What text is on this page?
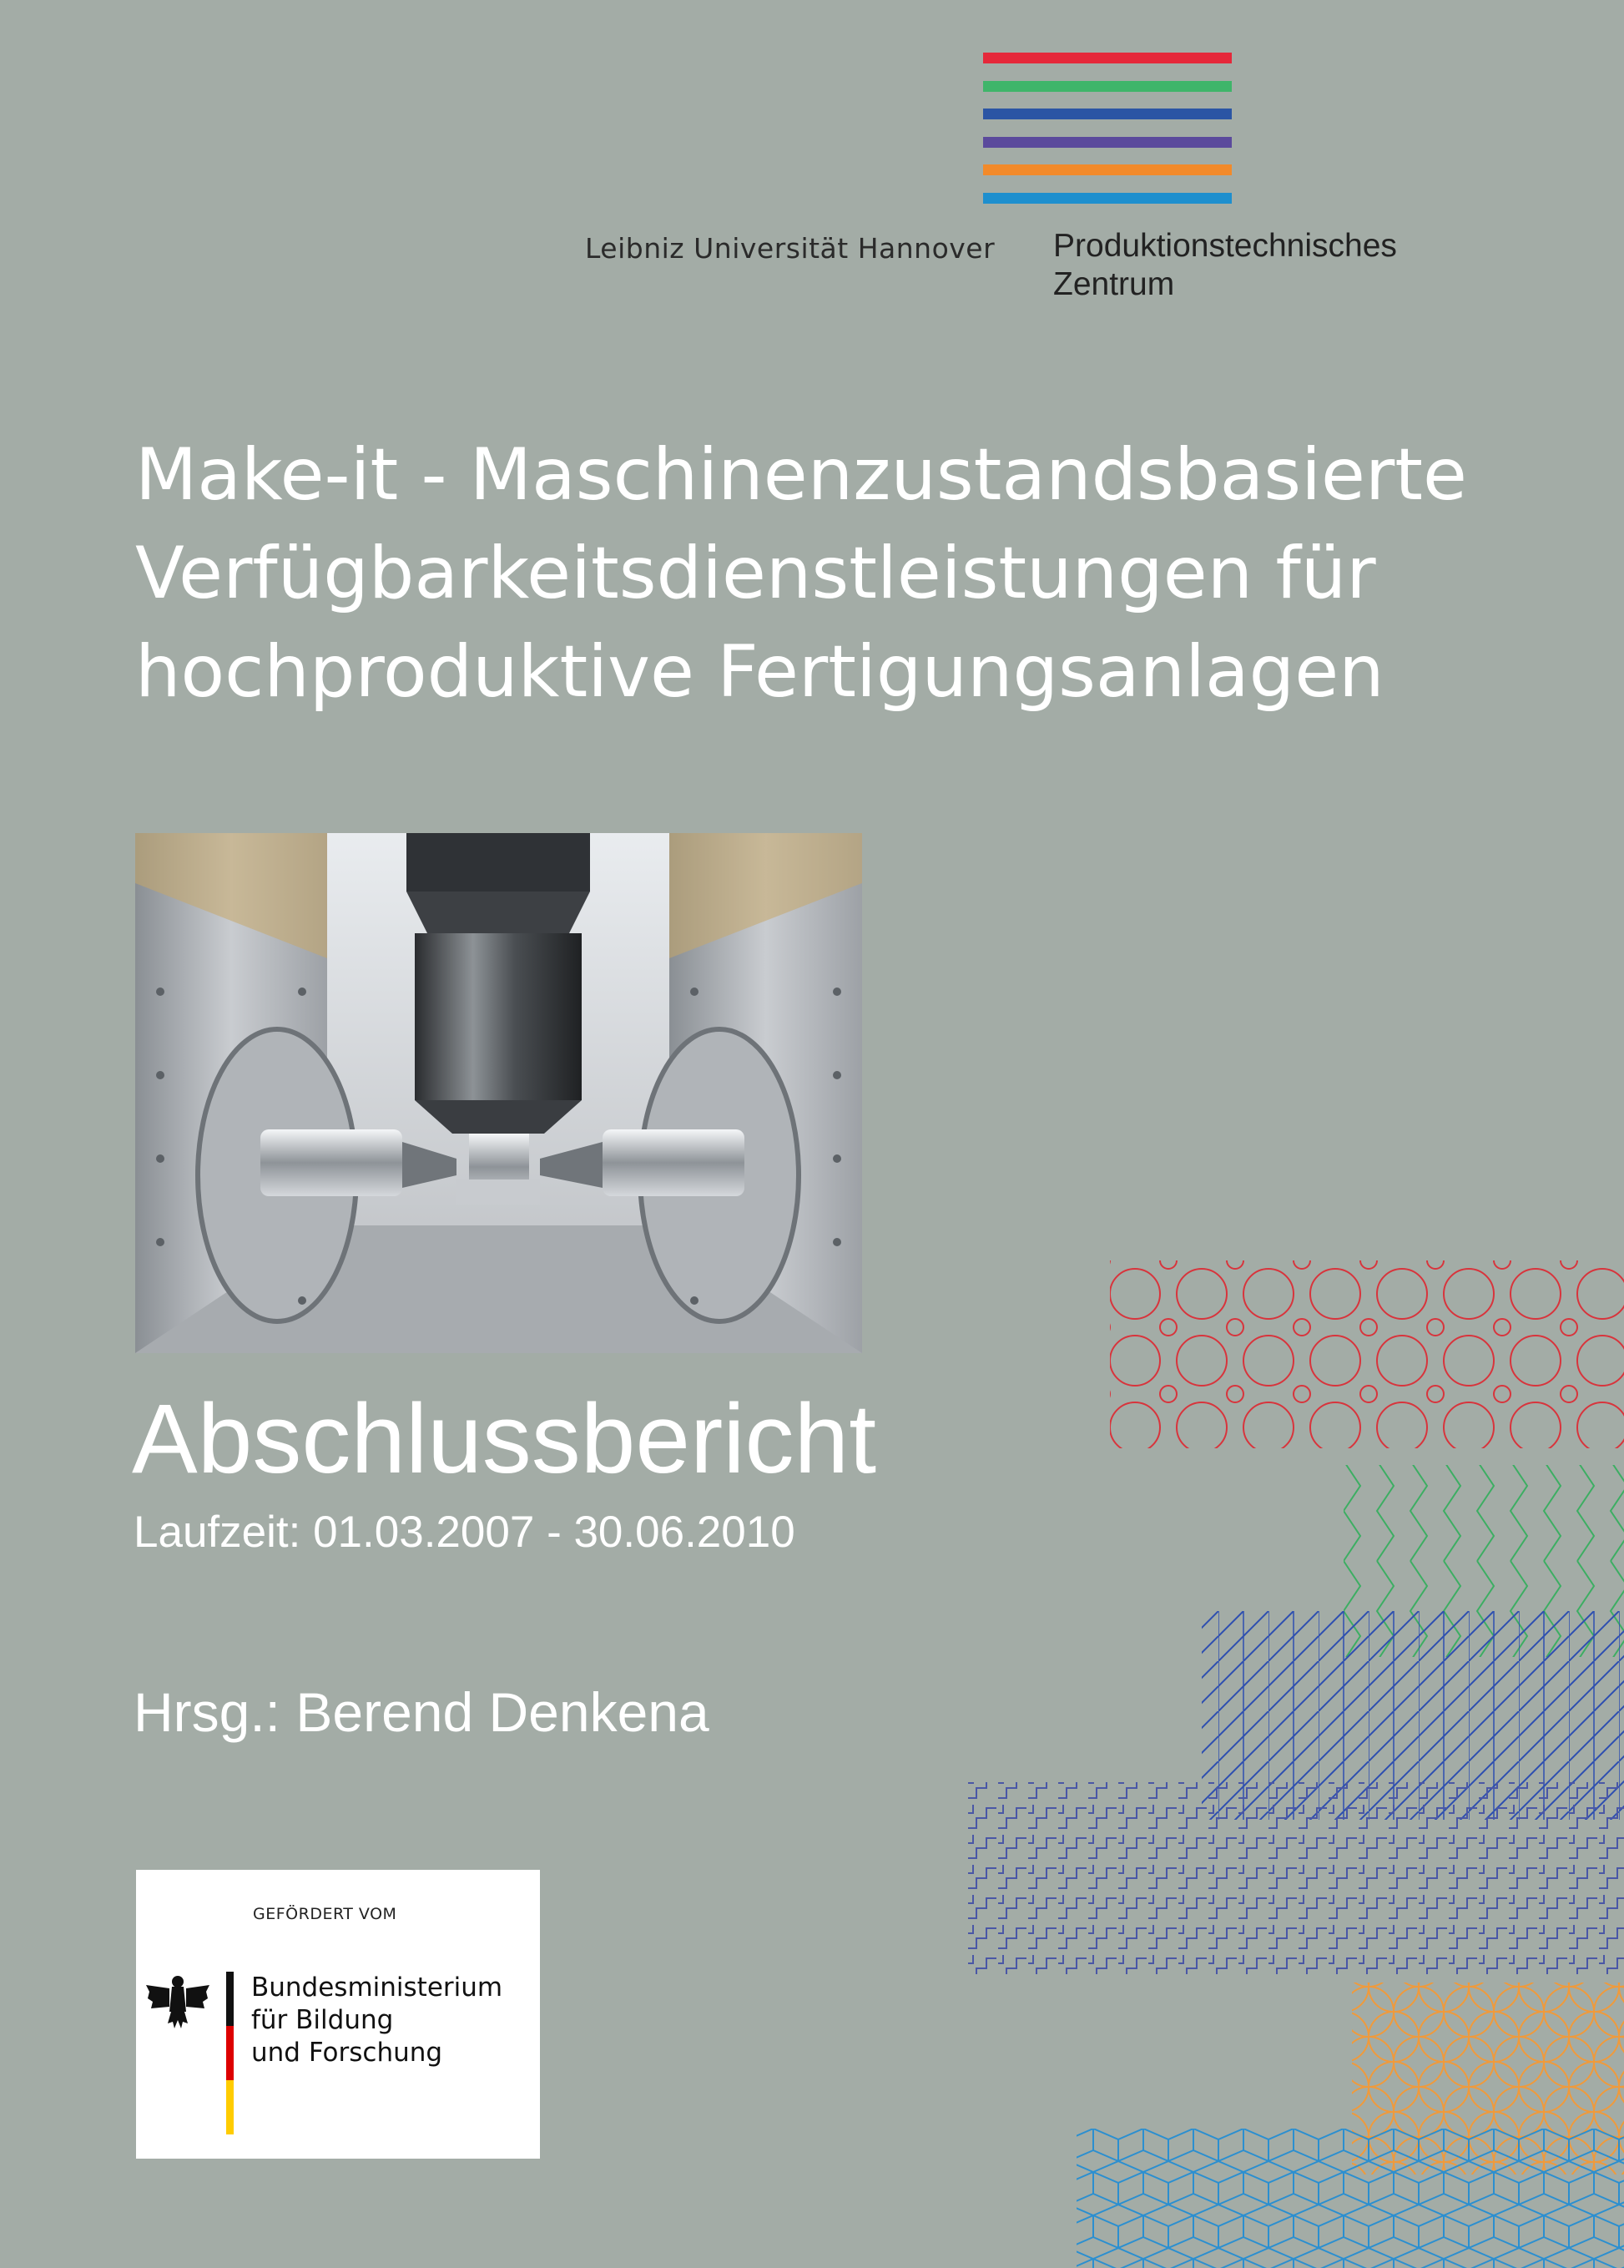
Leibniz Universität Hannover Produktionstechnisches
Zentrum
Make-it - Maschinenzustandsbasierte
Verfügbarkeitsdienstleistungen für
hochproduktive Fertigungsanlagen
Abschlussbericht
Laufzeit: 01.03.2007 - 30.06.2010
Hrsg.: Berend Denkena
GEFÖRDERT VOM
Bundesministerium
für Bildung
und Forschung
